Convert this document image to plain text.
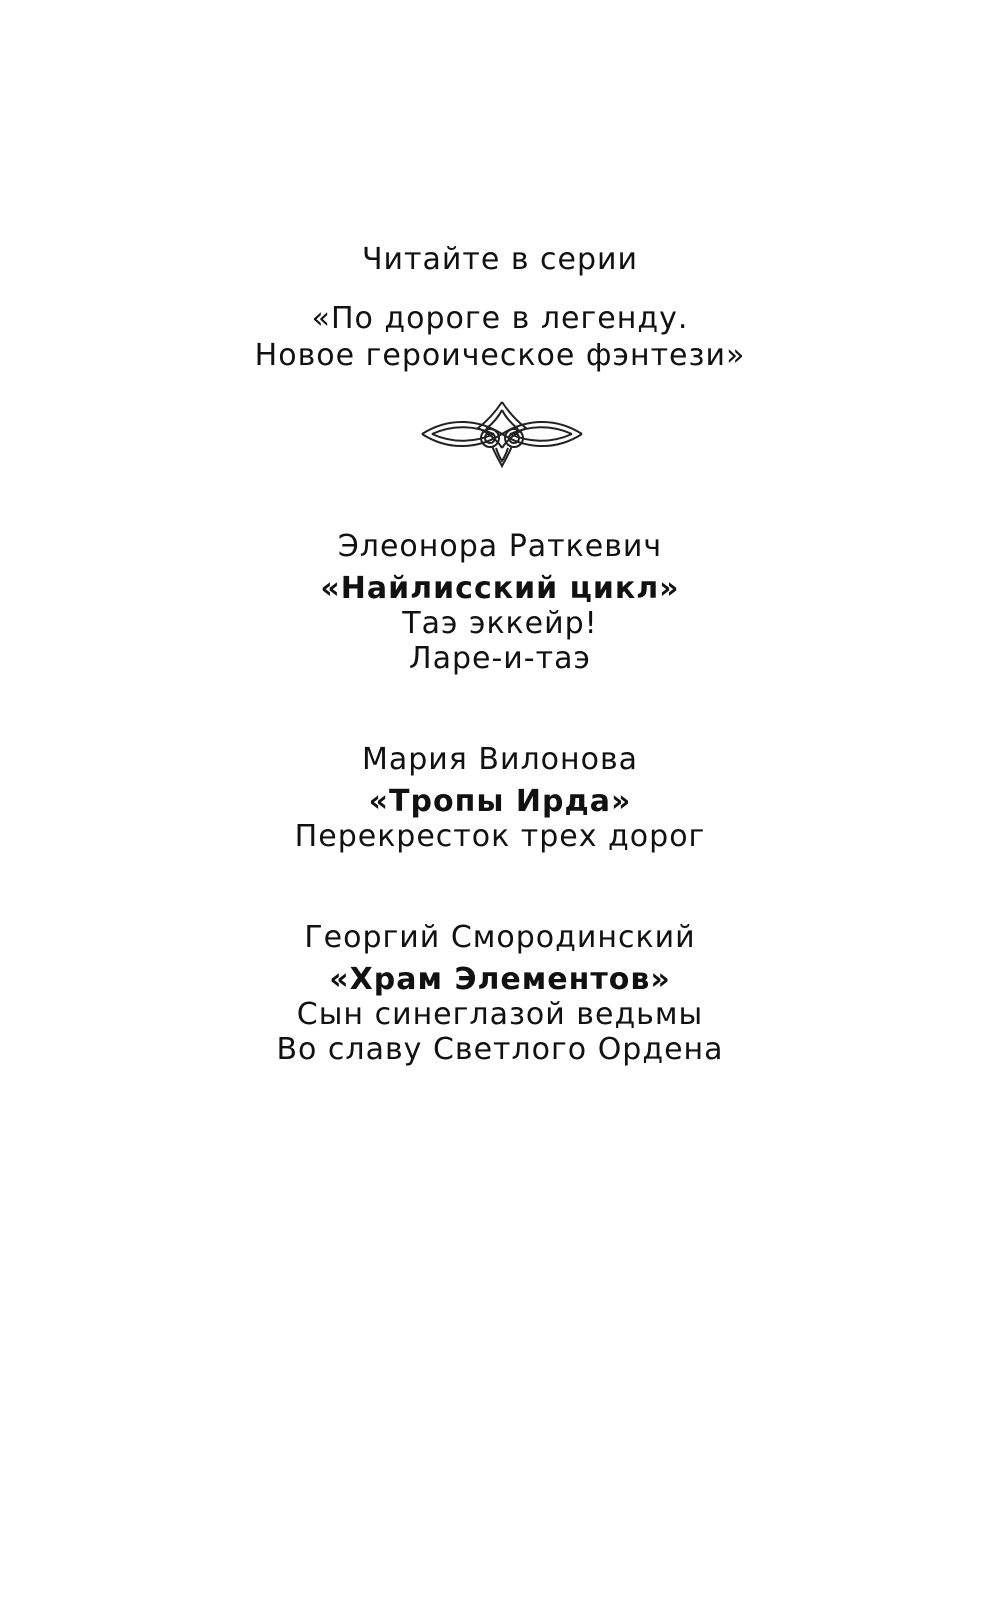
Читайте в серии
«По дороге в легенду.
Новое героическое фэнтези»
Элеонора Раткевич
«Найлисский цикл»
Таэ эккейр!
Ларе-и-таэ
Мария Вилонова
«Тропы Ирда»
Перекресток трех дорог
Георгий Смородинский
«Храм Элементов»
Сын синеглазой ведьмы
Во славу Светлого Ордена
